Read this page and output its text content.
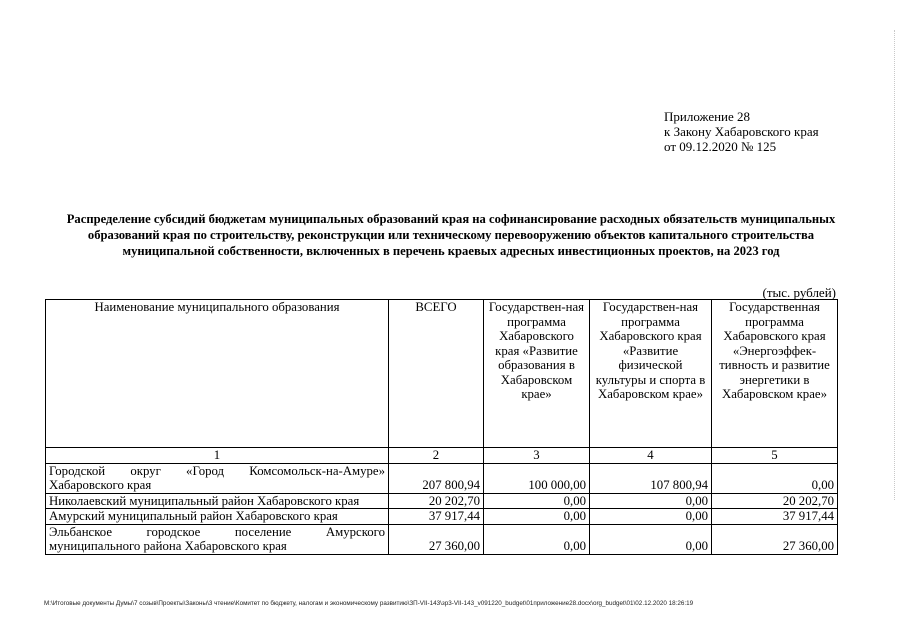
Приложение 28
к Закону Хабаровского края
от 09.12.2020 № 125
Распределение субсидий бюджетам муниципальных образований края на софинансирование расходных обязательств муниципальных образований края по строительству, реконструкции или техническому перевооружению объектов капитального строительства муниципальной собственности, включенных в перечень краевых адресных инвестиционных проектов, на 2023 год
(тыс. рублей)
Наименование муниципального образования	ВСЕГО	Государствен-ная программа Хабаровского края «Развитие образования в Хабаровском крае»	Государствен-ная программа Хабаровского края «Развитие физической культуры и спорта в Хабаровском крае»	Государственная программа Хабаровского края «Энергоэффек-тивность и развитие энергетики в Хабаровском крае»
1	2	3	4	5
Городской округ «Город Комсомольск-на-Амуре» Хабаровского края	207 800,94	100 000,00	107 800,94	0,00
Николаевский муниципальный район Хабаровского края	20 202,70	0,00	0,00	20 202,70
Амурский муниципальный район Хабаровского края	37 917,44	0,00	0,00	37 917,44
Эльбанское городское поселение Амурского муниципального района Хабаровского края	27 360,00	0,00	0,00	27 360,00
M:\Итоговые документы Думы\7 созыв\Проекты\Законы\3 чтение\Комитет по бюджету, налогам и экономическому развитию\ЗП-VII-143\зр3-VII-143_v091220_budget\01приложение28.docx\org_budget\01\02.12.2020 18:26:19
